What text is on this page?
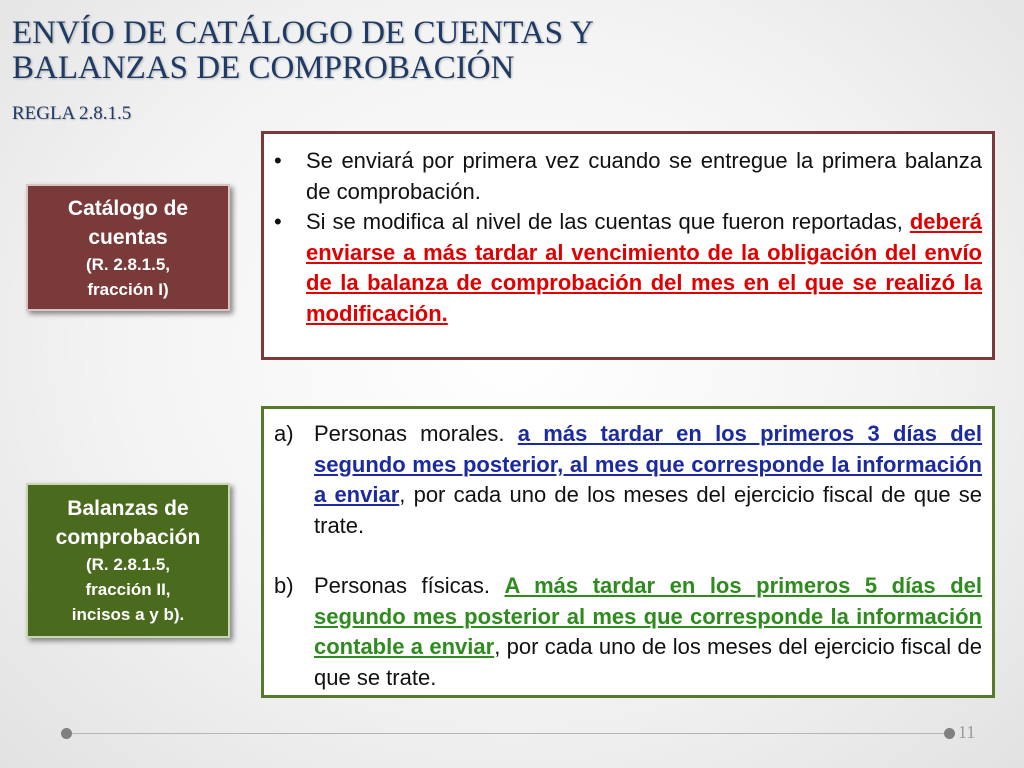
ENVÍO DE CATÁLOGO DE CUENTAS Y
BALANZAS DE COMPROBACIÓN
REGLA 2.8.1.5
Catálogo de
cuentas
(R. 2.8.1.5,
fracción I)
• Se enviará por primera vez cuando se entregue la primera balanza de comprobación.
• Si se modifica al nivel de las cuentas que fueron reportadas, deberá enviarse a más tardar al vencimiento de la obligación del envío de la balanza de comprobación del mes en el que se realizó la modificación.
Balanzas de
comprobación
(R. 2.8.1.5,
fracción II,
incisos a y b).
a) Personas morales. a más tardar en los primeros 3 días del segundo mes posterior, al mes que corresponde la información a enviar, por cada uno de los meses del ejercicio fiscal de que se trate.
b) Personas físicas. A más tardar en los primeros 5 días del segundo mes posterior al mes que corresponde la información contable a enviar, por cada uno de los meses del ejercicio fiscal de que se trate.
11
